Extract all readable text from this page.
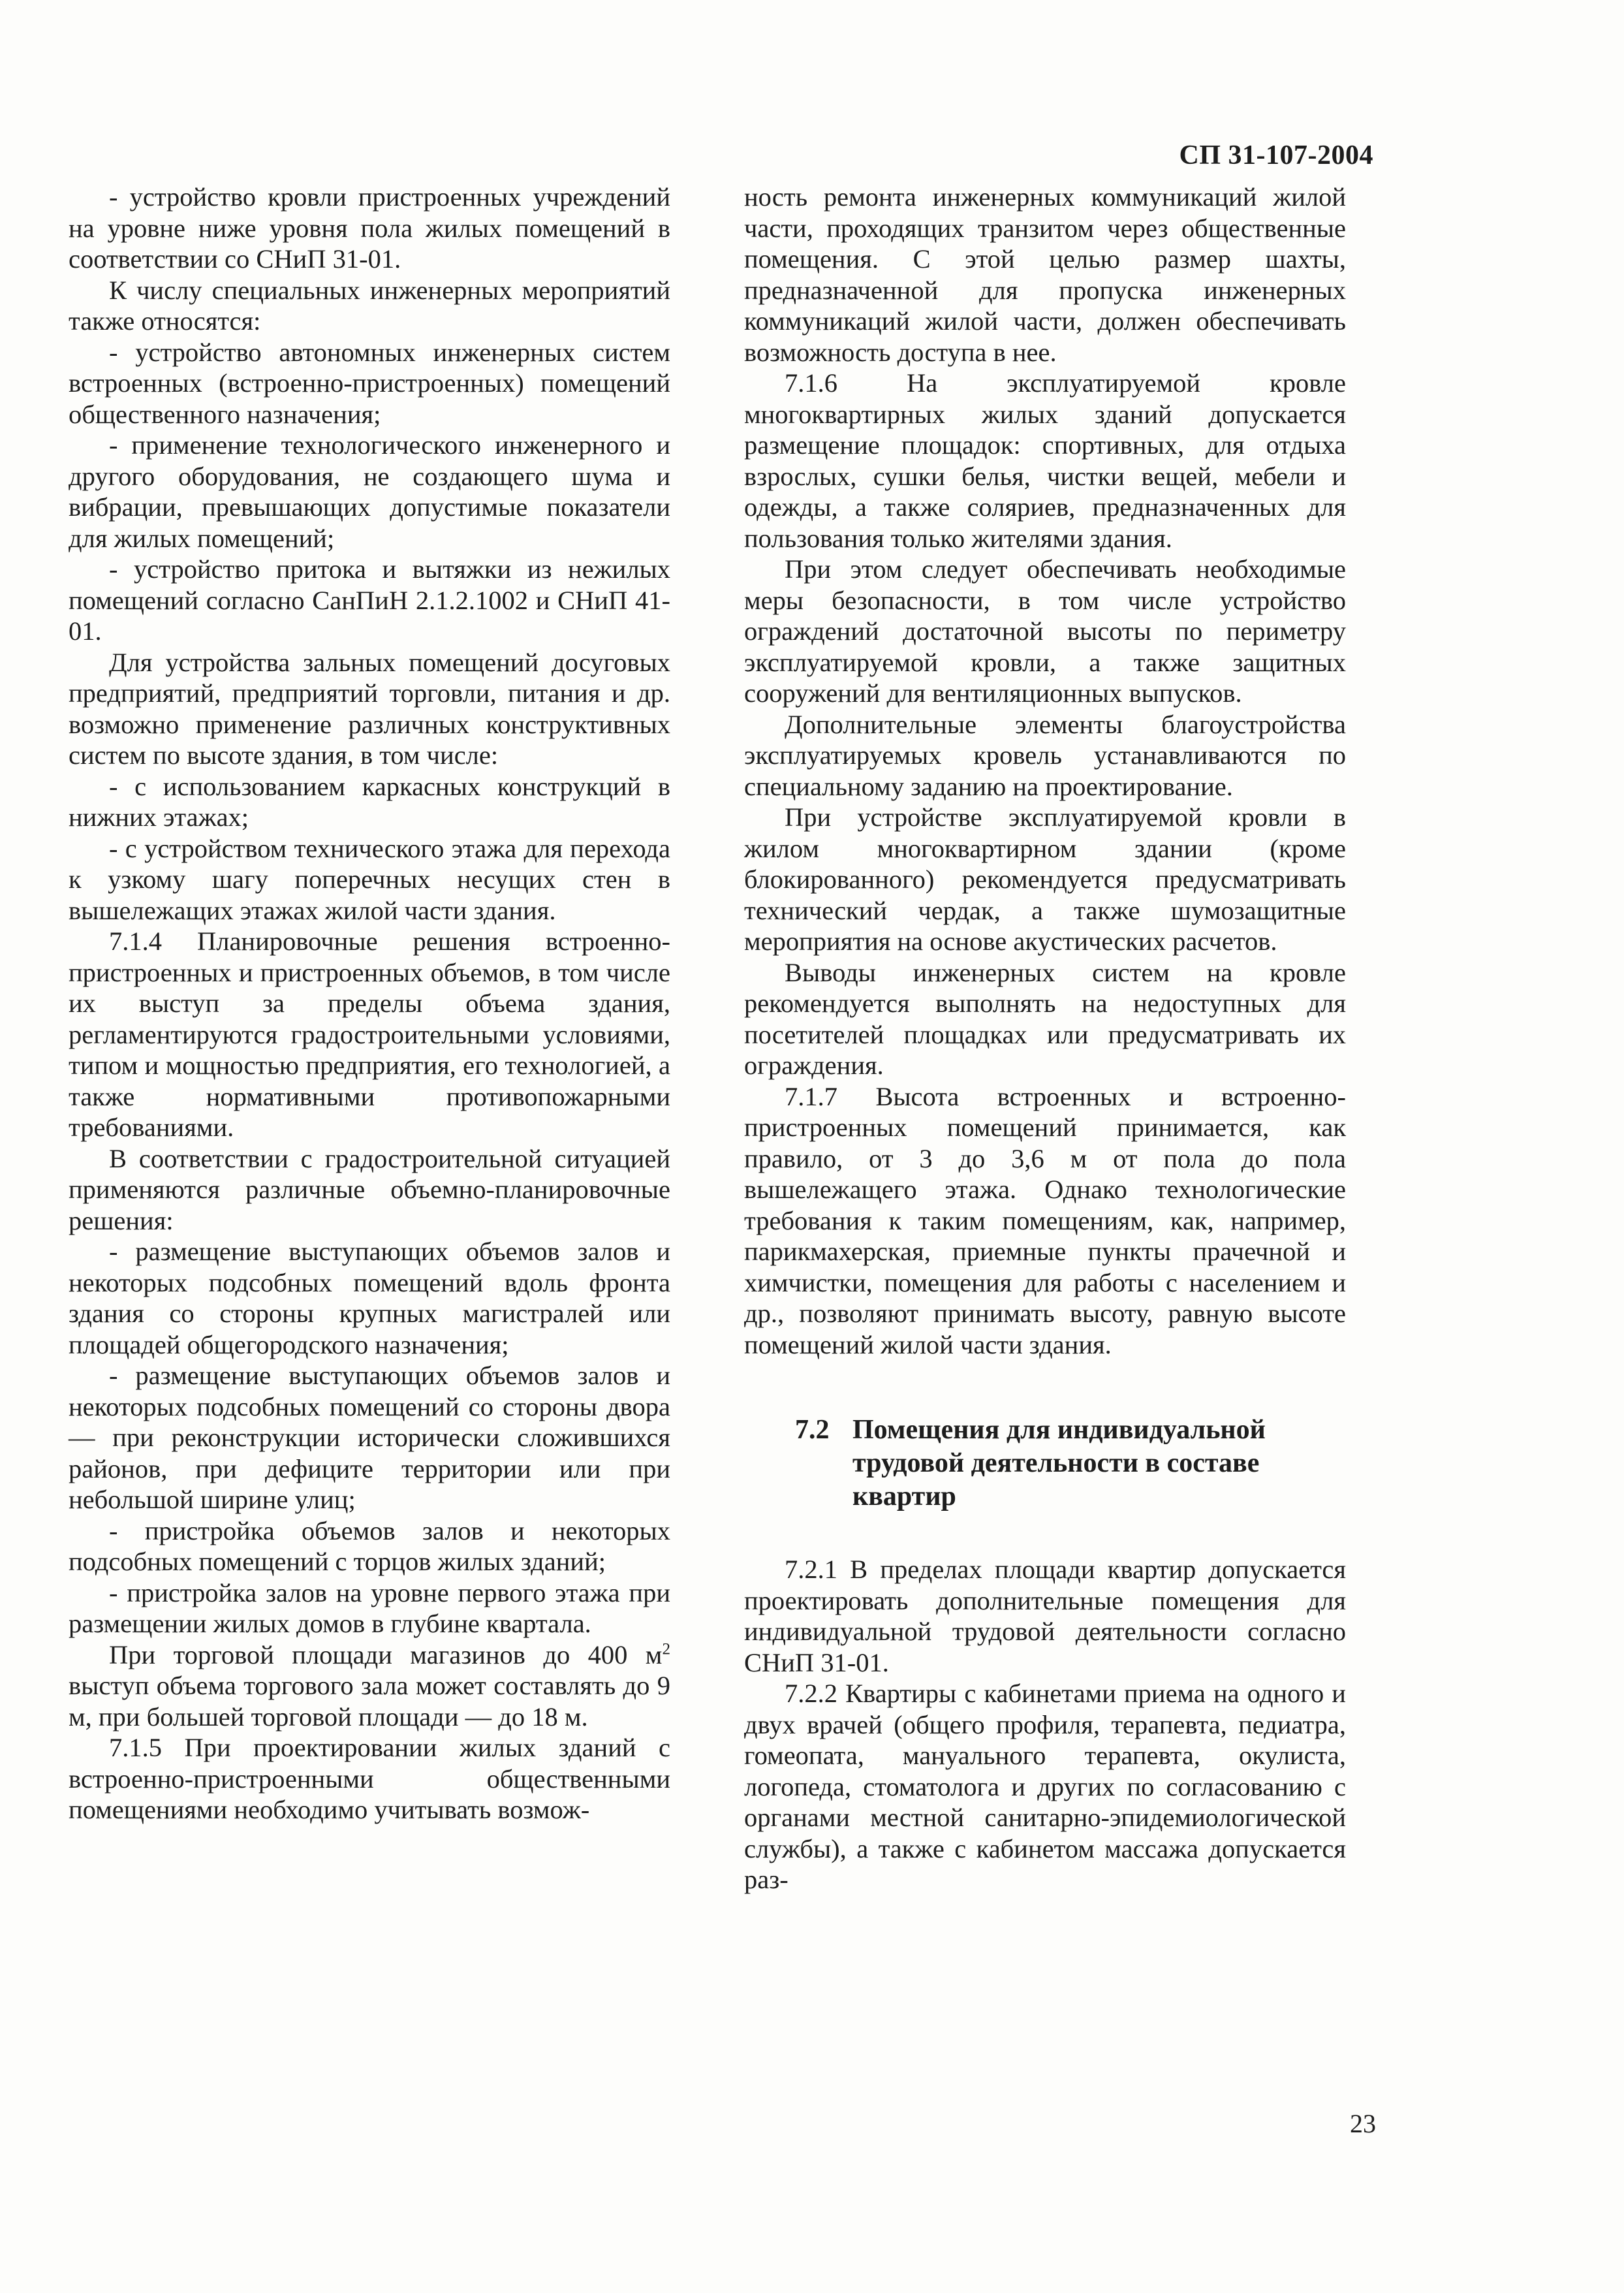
СП 31-107-2004

- устройство кровли пристроенных учреждений на уровне ниже уровня пола жилых помещений в соответствии со СНиП 31-01.

К числу специальных инженерных мероприятий также относятся:

- устройство автономных инженерных систем встроенных (встроенно-пристроенных) помещений общественного назначения;

- применение технологического инженерного и другого оборудования, не создающего шума и вибрации, превышающих допустимые показатели для жилых помещений;

- устройство притока и вытяжки из нежилых помещений согласно СанПиН 2.1.2.1002 и СНиП 41-01.

Для устройства зальных помещений досуговых предприятий, предприятий торговли, питания и др. возможно применение различных конструктивных систем по высоте здания, в том числе:

- с использованием каркасных конструкций в нижних этажах;

- с устройством технического этажа для перехода к узкому шагу поперечных несущих стен в вышележащих этажах жилой части здания.

7.1.4 Планировочные решения встроенно-пристроенных и пристроенных объемов, в том числе их выступ за пределы объема здания, регламентируются градостроительными условиями, типом и мощностью предприятия, его технологией, а также нормативными противопожарными требованиями.

В соответствии с градостроительной ситуацией применяются различные объемно-планировочные решения:

- размещение выступающих объемов залов и некоторых подсобных помещений вдоль фронта здания со стороны крупных магистралей или площадей общегородского назначения;

- размещение выступающих объемов залов и некоторых подсобных помещений со стороны двора — при реконструкции исторически сложившихся районов, при дефиците территории или при небольшой ширине улиц;

- пристройка объемов залов и некоторых подсобных помещений с торцов жилых зданий;

- пристройка залов на уровне первого этажа при размещении жилых домов в глубине квартала.

При торговой площади магазинов до 400 $м^2$ выступ объема торгового зала может составлять до 9 м, при большей торговой площади — до 18 м.

7.1.5 При проектировании жилых зданий с встроенно-пристроенными общественными помещениями необходимо учитывать возмож-

ность ремонта инженерных коммуникаций жилой части, проходящих транзитом через общественные помещения. С этой целью размер шахты, предназначенной для пропуска инженерных коммуникаций жилой части, должен обеспечивать возможность доступа в нее.

7.1.6 На эксплуатируемой кровле многоквартирных жилых зданий допускается размещение площадок: спортивных, для отдыха взрослых, сушки белья, чистки вещей, мебели и одежды, а также соляриев, предназначенных для пользования только жителями здания.

При этом следует обеспечивать необходимые меры безопасности, в том числе устройство ограждений достаточной высоты по периметру эксплуатируемой кровли, а также защитных сооружений для вентиляционных выпусков.

Дополнительные элементы благоустройства эксплуатируемых кровель устанавливаются по специальному заданию на проектирование.

При устройстве эксплуатируемой кровли в жилом многоквартирном здании (кроме блокированного) рекомендуется предусматривать технический чердак, а также шумозащитные мероприятия на основе акустических расчетов.

Выводы инженерных систем на кровле рекомендуется выполнять на недоступных для посетителей площадках или предусматривать их ограждения.

7.1.7 Высота встроенных и встроенно-пристроенных помещений принимается, как правило, от 3 до 3,6 м от пола до пола вышележащего этажа. Однако технологические требования к таким помещениям, как, например, парикмахерская, приемные пункты прачечной и химчистки, помещения для работы с населением и др., позволяют принимать высоту, равную высоте помещений жилой части здания.

7.2 Помещения для индивидуальной трудовой деятельности в составе квартир

7.2.1 В пределах площади квартир допускается проектировать дополнительные помещения для индивидуальной трудовой деятельности согласно СНиП 31-01.

7.2.2 Квартиры с кабинетами приема на одного и двух врачей (общего профиля, терапевта, педиатра, гомеопата, мануального терапевта, окулиста, логопеда, стоматолога и других по согласованию с органами местной санитарно-эпидемиологической службы), а также с кабинетом массажа допускается раз-

23
